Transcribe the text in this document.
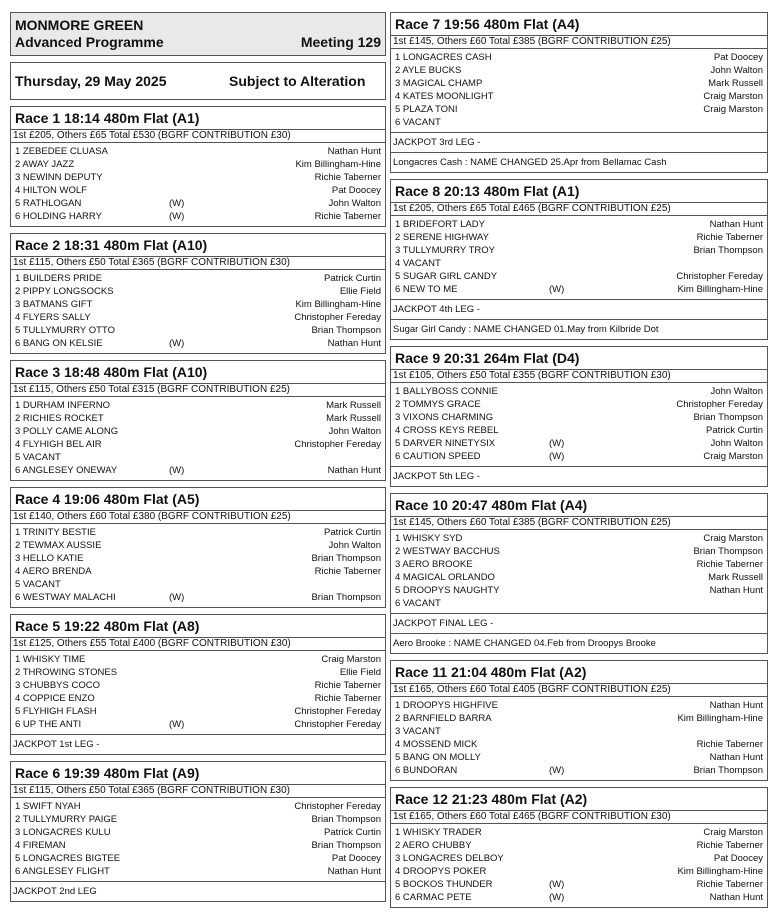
MONMORE GREEN
Advanced Programme	Meeting 129
Thursday, 29 May 2025	Subject to Alteration
Race 1 18:14 480m Flat (A1)
1st £205, Others £65 Total £530 (BGRF CONTRIBUTION £30)
1 ZEBEDEE CLUASA	Nathan Hunt
2 AWAY JAZZ	Kim Billingham-Hine
3 NEWINN DEPUTY	Richie Taberner
4 HILTON WOLF	Pat Doocey
5 RATHLOGAN	(W)	John Walton
6 HOLDING HARRY	(W)	Richie Taberner
Race 2 18:31 480m Flat (A10)
1st £115, Others £50 Total £365 (BGRF CONTRIBUTION £30)
1 BUILDERS PRIDE	Patrick Curtin
2 PIPPY LONGSOCKS	Ellie Field
3 BATMANS GIFT	Kim Billingham-Hine
4 FLYERS SALLY	Christopher Fereday
5 TULLYMURRY OTTO	Brian Thompson
6 BANG ON KELSIE	(W)	Nathan Hunt
Race 3 18:48 480m Flat (A10)
1st £115, Others £50 Total £315 (BGRF CONTRIBUTION £25)
1 DURHAM INFERNO	Mark Russell
2 RICHIES ROCKET	Mark Russell
3 POLLY CAME ALONG	John Walton
4 FLYHIGH BEL AIR	Christopher Fereday
5 VACANT
6 ANGLESEY ONEWAY	(W)	Nathan Hunt
Race 4 19:06 480m Flat (A5)
1st £140, Others £60 Total £380 (BGRF CONTRIBUTION £25)
1 TRINITY BESTIE	Patrick Curtin
2 TEWMAX AUSSIE	John Walton
3 HELLO KATIE	Brian Thompson
4 AERO BRENDA	Richie Taberner
5 VACANT
6 WESTWAY MALACHI	(W)	Brian Thompson
Race 5 19:22 480m Flat (A8)
1st £125, Others £55 Total £400 (BGRF CONTRIBUTION £30)
1 WHISKY TIME	Craig Marston
2 THROWING STONES	Ellie Field
3 CHUBBYS COCO	Richie Taberner
4 COPPICE ENZO	Richie Taberner
5 FLYHIGH FLASH	Christopher Fereday
6 UP THE ANTI	(W)	Christopher Fereday
JACKPOT 1st LEG -
Race 6 19:39 480m Flat (A9)
1st £115, Others £50 Total £365 (BGRF CONTRIBUTION £30)
1 SWIFT NYAH	Christopher Fereday
2 TULLYMURRY PAIGE	Brian Thompson
3 LONGACRES KULU	Patrick Curtin
4 FIREMAN	Brian Thompson
5 LONGACRES BIGTEE	Pat Doocey
6 ANGLESEY FLIGHT	Nathan Hunt
JACKPOT 2nd LEG
Race 7 19:56 480m Flat (A4)
1st £145, Others £60 Total £385 (BGRF CONTRIBUTION £25)
1 LONGACRES CASH	Pat Doocey
2 AYLE BUCKS	John Walton
3 MAGICAL CHAMP	Mark Russell
4 KATES MOONLIGHT	Craig Marston
5 PLAZA TONI	Craig Marston
6 VACANT
JACKPOT 3rd LEG -
Longacres Cash : NAME CHANGED 25.Apr from Bellamac Cash
Race 8 20:13 480m Flat (A1)
1st £205, Others £65 Total £465 (BGRF CONTRIBUTION £25)
1 BRIDEFORT LADY	Nathan Hunt
2 SERENE HIGHWAY	Richie Taberner
3 TULLYMURRY TROY	Brian Thompson
4 VACANT
5 SUGAR GIRL CANDY	Christopher Fereday
6 NEW TO ME	(W)	Kim Billingham-Hine
JACKPOT 4th LEG -
Sugar Girl Candy : NAME CHANGED 01.May from Kilbride Dot
Race 9 20:31 264m Flat (D4)
1st £105, Others £50 Total £355 (BGRF CONTRIBUTION £30)
1 BALLYBOSS CONNIE	John Walton
2 TOMMYS GRACE	Christopher Fereday
3 VIXONS CHARMING	Brian Thompson
4 CROSS KEYS REBEL	Patrick Curtin
5 DARVER NINETYSIX	(W)	John Walton
6 CAUTION SPEED	(W)	Craig Marston
JACKPOT 5th LEG -
Race 10 20:47 480m Flat (A4)
1st £145, Others £60 Total £385 (BGRF CONTRIBUTION £25)
1 WHISKY SYD	Craig Marston
2 WESTWAY BACCHUS	Brian Thompson
3 AERO BROOKE	Richie Taberner
4 MAGICAL ORLANDO	Mark Russell
5 DROOPYS NAUGHTY	Nathan Hunt
6 VACANT
JACKPOT FINAL LEG -
Aero Brooke : NAME CHANGED 04.Feb from Droopys Brooke
Race 11 21:04 480m Flat (A2)
1st £165, Others £60 Total £405 (BGRF CONTRIBUTION £25)
1 DROOPYS HIGHFIVE	Nathan Hunt
2 BARNFIELD BARRA	Kim Billingham-Hine
3 VACANT
4 MOSSEND MICK	Richie Taberner
5 BANG ON MOLLY	Nathan Hunt
6 BUNDORAN	(W)	Brian Thompson
Race 12 21:23 480m Flat (A2)
1st £165, Others £60 Total £465 (BGRF CONTRIBUTION £30)
1 WHISKY TRADER	Craig Marston
2 AERO CHUBBY	Richie Taberner
3 LONGACRES DELBOY	Pat Doocey
4 DROOPYS POKER	Kim Billingham-Hine
5 BOCKOS THUNDER	(W)	Richie Taberner
6 CARMAC PETE	(W)	Nathan Hunt
